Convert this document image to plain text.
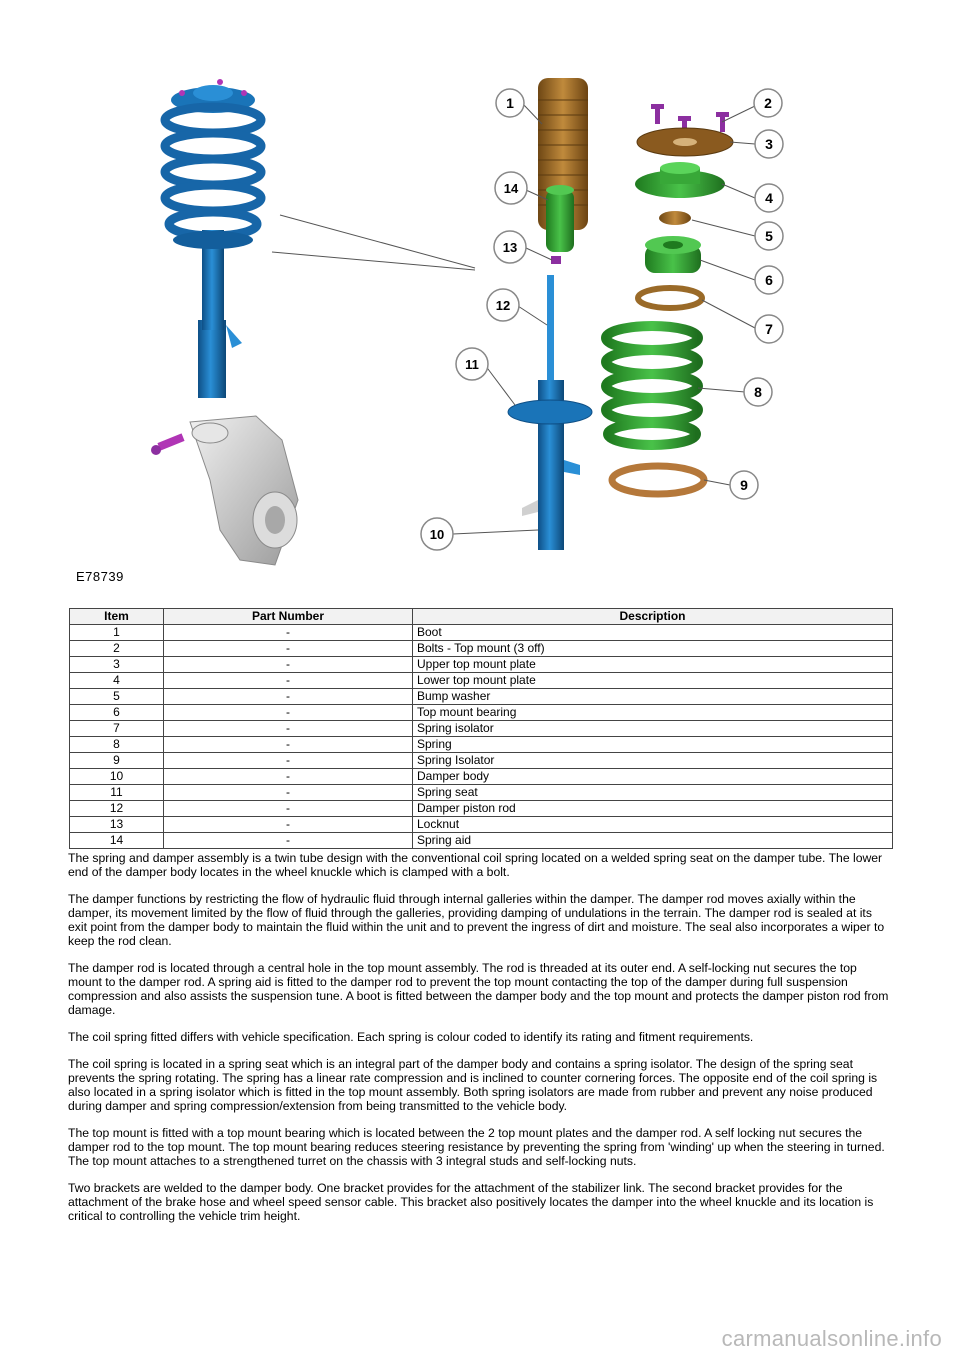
1	2
3
4
5
6
7
8
9
10
11
12
13
14
E78739
Item	Part Number	Description
1	-	Boot
2	-	Bolts - Top mount (3 off)
3	-	Upper top mount plate
4	-	Lower top mount plate
5	-	Bump washer
6	-	Top mount bearing
7	-	Spring isolator
8	-	Spring
9	-	Spring Isolator
10	-	Damper body
11	-	Spring seat
12	-	Damper piston rod
13	-	Locknut
14	-	Spring aid

The spring and damper assembly is a twin tube design with the conventional coil spring located on a welded spring seat on the damper tube. The lower end of the damper body locates in the wheel knuckle which is clamped with a bolt.

The damper functions by restricting the flow of hydraulic fluid through internal galleries within the damper. The damper rod moves axially within the damper, its movement limited by the flow of fluid through the galleries, providing damping of undulations in the terrain. The damper rod is sealed at its exit point from the damper body to maintain the fluid within the unit and to prevent the ingress of dirt and moisture. The seal also incorporates a wiper to keep the rod clean.

The damper rod is located through a central hole in the top mount assembly. The rod is threaded at its outer end. A self-locking nut secures the top mount to the damper rod. A spring aid is fitted to the damper rod to prevent the top mount contacting the top of the damper during full suspension compression and also assists the suspension tune. A boot is fitted between the damper body and the top mount and protects the damper piston rod from damage.

The coil spring fitted differs with vehicle specification. Each spring is colour coded to identify its rating and fitment requirements.

The coil spring is located in a spring seat which is an integral part of the damper body and contains a spring isolator. The design of the spring seat prevents the spring rotating. The spring has a linear rate compression and is inclined to counter cornering forces. The opposite end of the coil spring is also located in a spring isolator which is fitted in the top mount assembly. Both spring isolators are made from rubber and prevent any noise produced during damper and spring compression/extension from being transmitted to the vehicle body.

The top mount is fitted with a top mount bearing which is located between the 2 top mount plates and the damper rod. A self locking nut secures the damper rod to the top mount. The top mount bearing reduces steering resistance by preventing the spring from 'winding' up when the steering in turned. The top mount attaches to a strengthened turret on the chassis with 3 integral studs and self-locking nuts.

Two brackets are welded to the damper body. One bracket provides for the attachment of the stabilizer link. The second bracket provides for the attachment of the brake hose and wheel speed sensor cable. This bracket also positively locates the damper into the wheel knuckle and its location is critical to controlling the vehicle trim height.

carmanualsonline.info
